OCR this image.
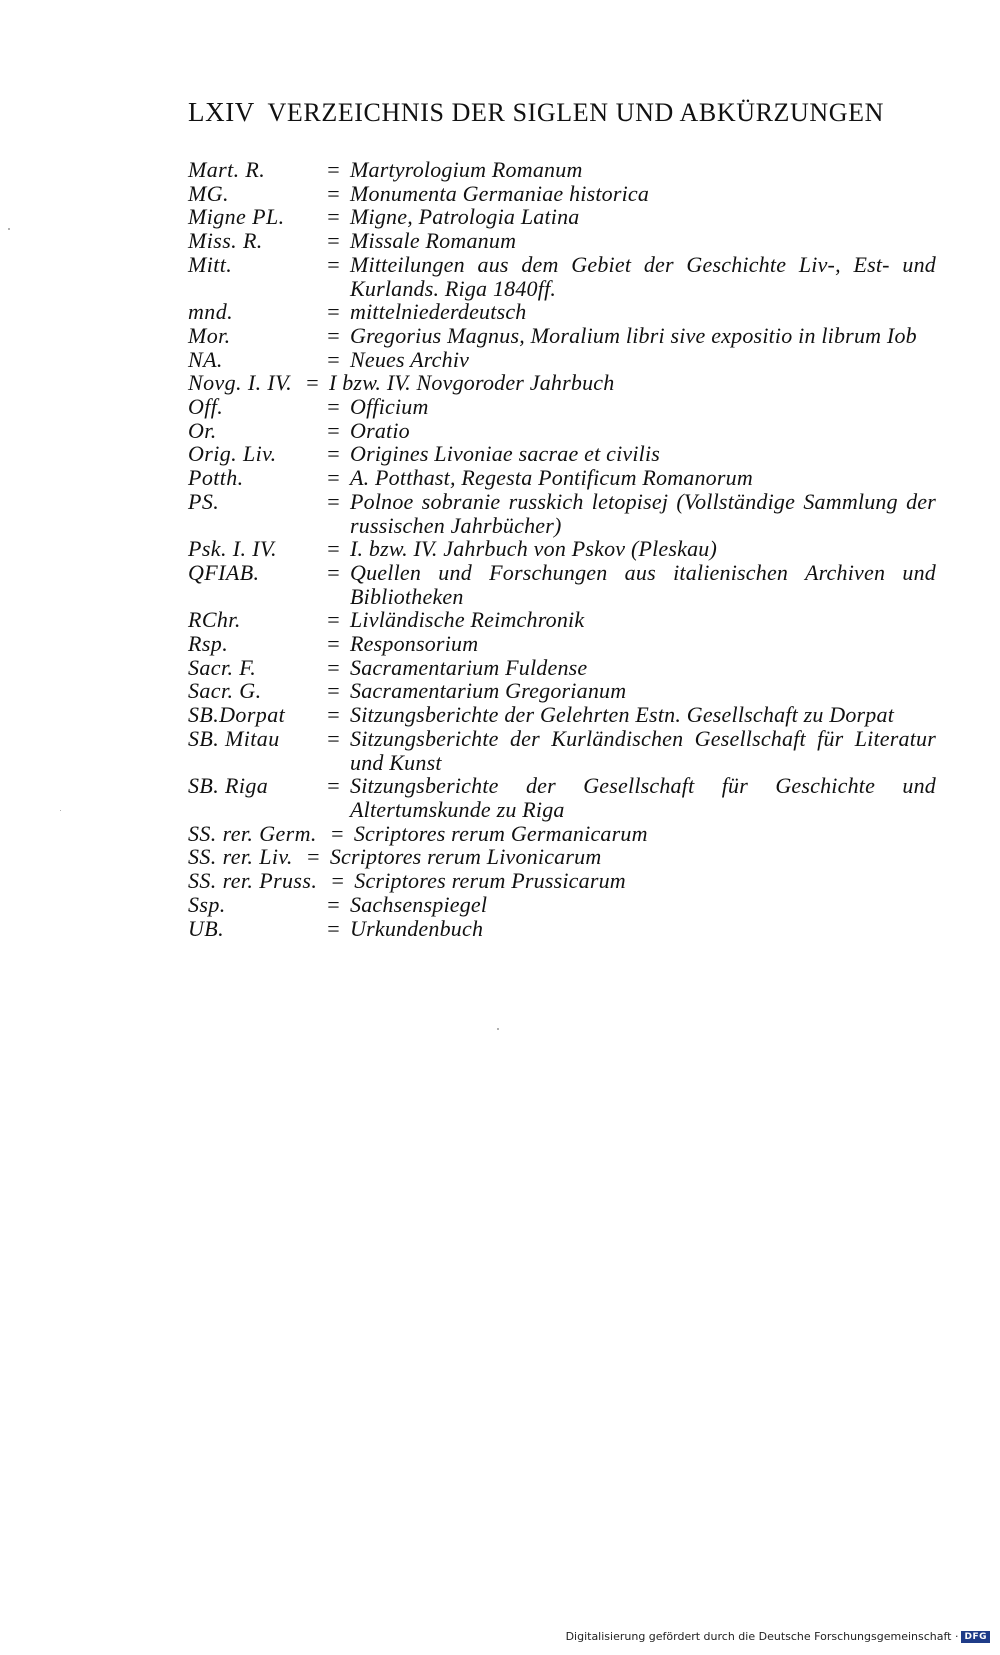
LXIV VERZEICHNIS DER SIGLEN UND ABKÜRZUNGEN
Mart. R.	= Martyrologium Romanum
MG.	= Monumenta Germaniae historica
Migne PL.	= Migne, Patrologia Latina
Miss. R.	= Missale Romanum
Mitt.	= Mitteilungen aus dem Gebiet der Geschichte Liv-, Est- und Kurlands. Riga 1840ff.
mnd.	= mittelniederdeutsch
Mor.	= Gregorius Magnus, Moralium libri sive expositio in librum Iob
NA.	= Neues Archiv
Novg. I. IV. = I bzw. IV. Novgoroder Jahrbuch
Off.	= Officium
Or.	= Oratio
Orig. Liv.	= Origines Livoniae sacrae et civilis
Potth.	= A. Potthast, Regesta Pontificum Romanorum
PS.	= Polnoe sobranie russkich letopisej (Vollständige Sammlung der russischen Jahrbücher)
Psk. I. IV.	= I. bzw. IV. Jahrbuch von Pskov (Pleskau)
QFIAB.	= Quellen und Forschungen aus italienischen Archiven und Bibliotheken
RChr.	= Livländische Reimchronik
Rsp.	= Responsorium
Sacr. F.	= Sacramentarium Fuldense
Sacr. G.	= Sacramentarium Gregorianum
SB.Dorpat	= Sitzungsberichte der Gelehrten Estn. Gesellschaft zu Dorpat
SB. Mitau	= Sitzungsberichte der Kurländischen Gesellschaft für Literatur und Kunst
SB. Riga	= Sitzungsberichte der Gesellschaft für Geschichte und Altertumskunde zu Riga
SS. rer. Germ. = Scriptores rerum Germanicarum
SS. rer. Liv. = Scriptores rerum Livonicarum
SS. rer. Pruss. = Scriptores rerum Prussicarum
Ssp.	= Sachsenspiegel
UB.	= Urkundenbuch
Digitalisierung gefördert durch die Deutsche Forschungsgemeinschaft · DFG
